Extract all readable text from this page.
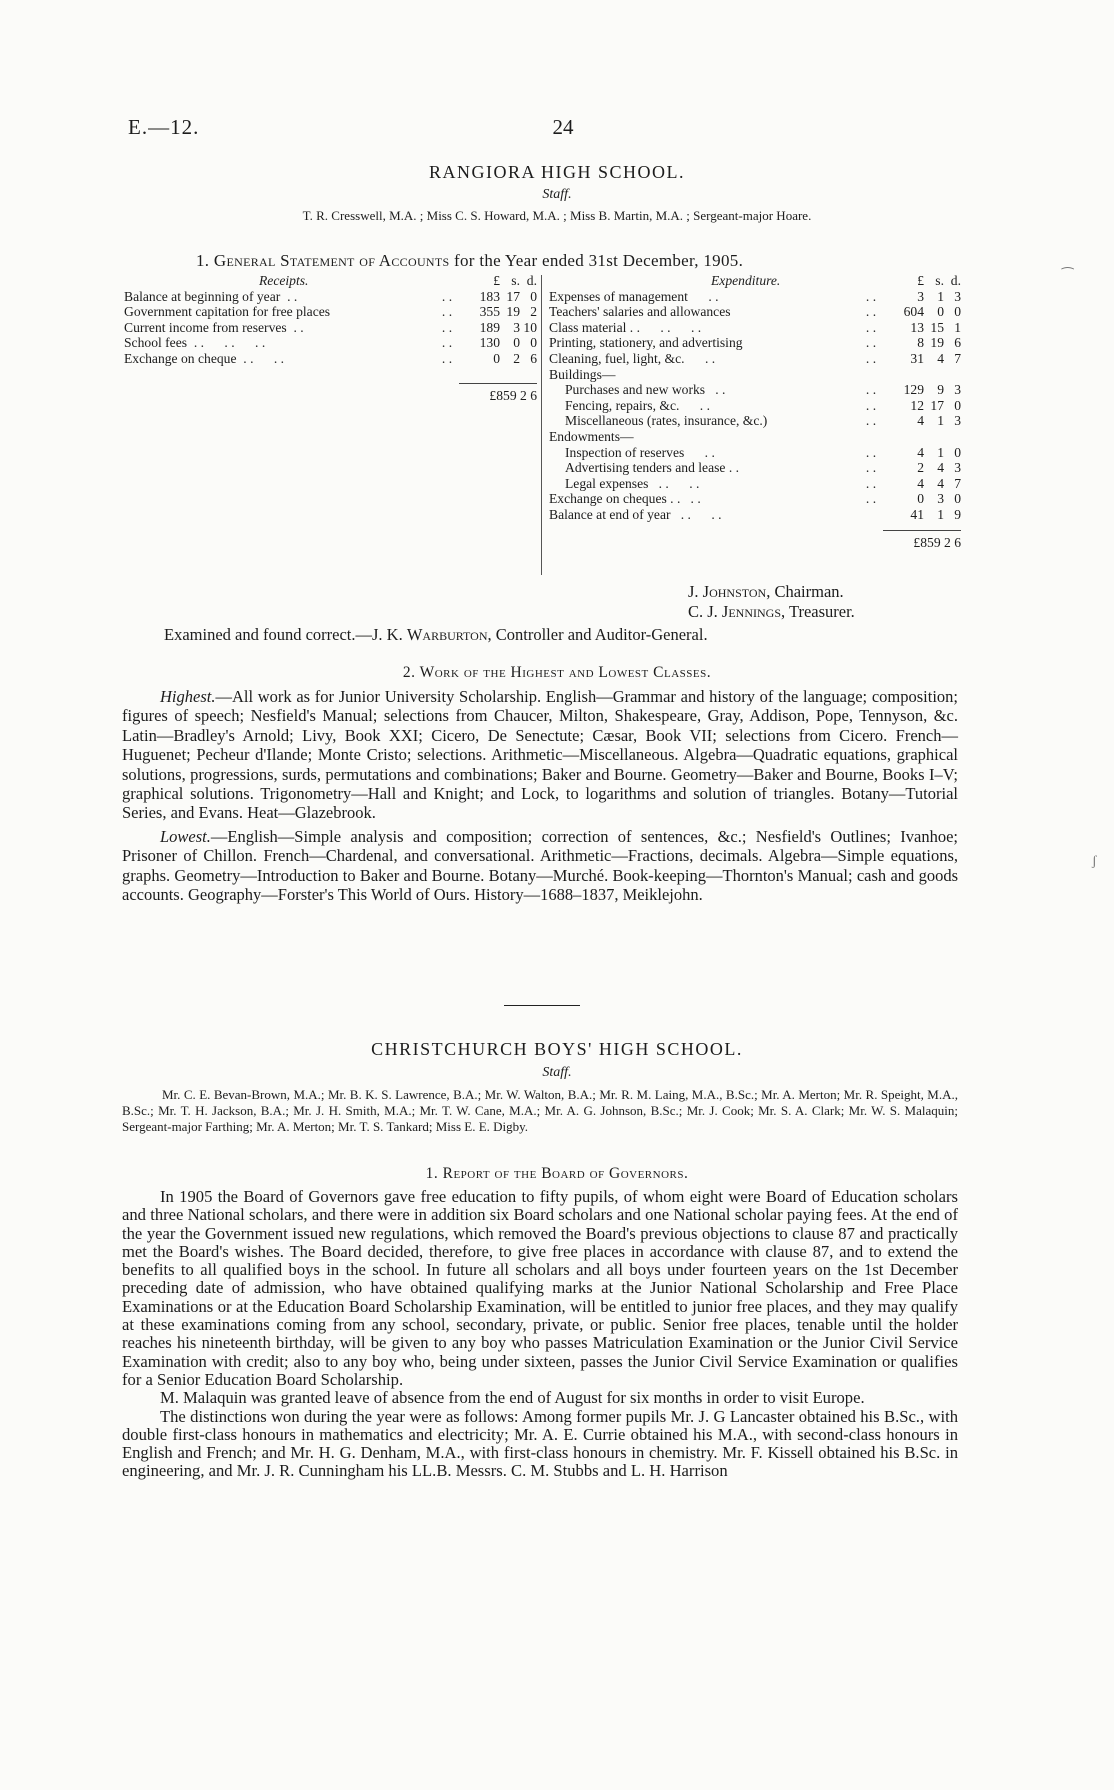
E.—12.	24
RANGIORA HIGH SCHOOL.
Staff.
T. R. Cresswell, M.A. ; Miss C. S. Howard, M.A. ; Miss B. Martin, M.A. ; Sergeant-major Hoare.
1. General Statement of Accounts for the Year ended 31st December, 1905.
Receipts.	£ s. d.
Balance at beginning of year  . .	. .	183 17 0
Government capitation for free places	. .	355 19 2
Current income from reserves  . .	. .	189 3 10
School fees  . .      . .      . .	. .	130 0 0
Exchange on cheque  . .      . .	. .	0 2 6
£859 2 6
Expenditure.	£ s. d.
Expenses of management      . .	. .	3 1 3
Teachers' salaries and allowances	. .	604 0 0
Class material . .      . .      . .	. .	13 15 1
Printing, stationery, and advertising	. .	8 19 6
Cleaning, fuel, light, &c.      . .	. .	31 4 7
Buildings—
Purchases and new works   . .	. .	129 9 3
Fencing, repairs, &c.      . .	. .	12 17 0
Miscellaneous (rates, insurance, &c.)	. .	4 1 3
Endowments—
Inspection of reserves      . .	. .	4 1 0
Advertising tenders and lease . .	. .	2 4 3
Legal expenses   . .      . .	. .	4 4 7
Exchange on cheques . .   . .	. .	0 3 0
Balance at end of year   . .      . .	41 1 9
£859 2 6
J. Johnston, Chairman.
C. J. Jennings, Treasurer.
Examined and found correct.—J. K. Warburton, Controller and Auditor-General.
2. Work of the Highest and Lowest Classes.

Highest.—All work as for Junior University Scholarship. English—Grammar and history of the language; composition; figures of speech; Nesfield's Manual; selections from Chaucer, Milton, Shakespeare, Gray, Addison, Pope, Tennyson, &c. Latin—Bradley's Arnold; Livy, Book XXI; Cicero, De Senectute; Cæsar, Book VII; selections from Cicero. French—Huguenet; Pecheur d'Ilande; Monte Cristo; selections. Arithmetic—Miscellaneous. Algebra—Quadratic equations, graphical solutions, progressions, surds, permutations and combinations; Baker and Bourne. Geometry—Baker and Bourne, Books I–V; graphical solutions. Trigonometry—Hall and Knight; and Lock, to logarithms and solution of triangles. Botany—Tutorial Series, and Evans. Heat—Glazebrook.

Lowest.—English—Simple analysis and composition; correction of sentences, &c.; Nesfield's Outlines; Ivanhoe; Prisoner of Chillon. French—Chardenal, and conversational. Arithmetic—Fractions, decimals. Algebra—Simple equations, graphs. Geometry—Introduction to Baker and Bourne. Botany—Murché. Book-keeping—Thornton's Manual; cash and goods accounts. Geography—Forster's This World of Ours. History—1688–1837, Meiklejohn.

CHRISTCHURCH BOYS' HIGH SCHOOL.
Staff.
Mr. C. E. Bevan-Brown, M.A.; Mr. B. K. S. Lawrence, B.A.; Mr. W. Walton, B.A.; Mr. R. M. Laing, M.A., B.Sc.; Mr. A. Merton; Mr. R. Speight, M.A., B.Sc.; Mr. T. H. Jackson, B.A.; Mr. J. H. Smith, M.A.; Mr. T. W. Cane, M.A.; Mr. A. G. Johnson, B.Sc.; Mr. J. Cook; Mr. S. A. Clark; Mr. W. S. Malaquin; Sergeant-major Farthing; Mr. A. Merton; Mr. T. S. Tankard; Miss E. E. Digby.
1. Report of the Board of Governors.

In 1905 the Board of Governors gave free education to fifty pupils, of whom eight were Board of Education scholars and three National scholars, and there were in addition six Board scholars and one National scholar paying fees. At the end of the year the Government issued new regulations, which removed the Board's previous objections to clause 87 and practically met the Board's wishes. The Board decided, therefore, to give free places in accordance with clause 87, and to extend the benefits to all qualified boys in the school. In future all scholars and all boys under fourteen years on the 1st December preceding date of admission, who have obtained qualifying marks at the Junior National Scholarship and Free Place Examinations or at the Education Board Scholarship Examination, will be entitled to junior free places, and they may qualify at these examinations coming from any school, secondary, private, or public. Senior free places, tenable until the holder reaches his nineteenth birthday, will be given to any boy who passes Matriculation Examination or the Junior Civil Service Examination with credit; also to any boy who, being under sixteen, passes the Junior Civil Service Examination or qualifies for a Senior Education Board Scholarship.

M. Malaquin was granted leave of absence from the end of August for six months in order to visit Europe.

The distinctions won during the year were as follows: Among former pupils Mr. J. G Lancaster obtained his B.Sc., with double first-class honours in mathematics and electricity; Mr. A. E. Currie obtained his M.A., with second-class honours in English and French; and Mr. H. G. Denham, M.A., with first-class honours in chemistry. Mr. F. Kissell obtained his B.Sc. in engineering, and Mr. J. R. Cunningham his LL.B. Messrs. C. M. Stubbs and L. H. Harrison

⁀
ʃ
